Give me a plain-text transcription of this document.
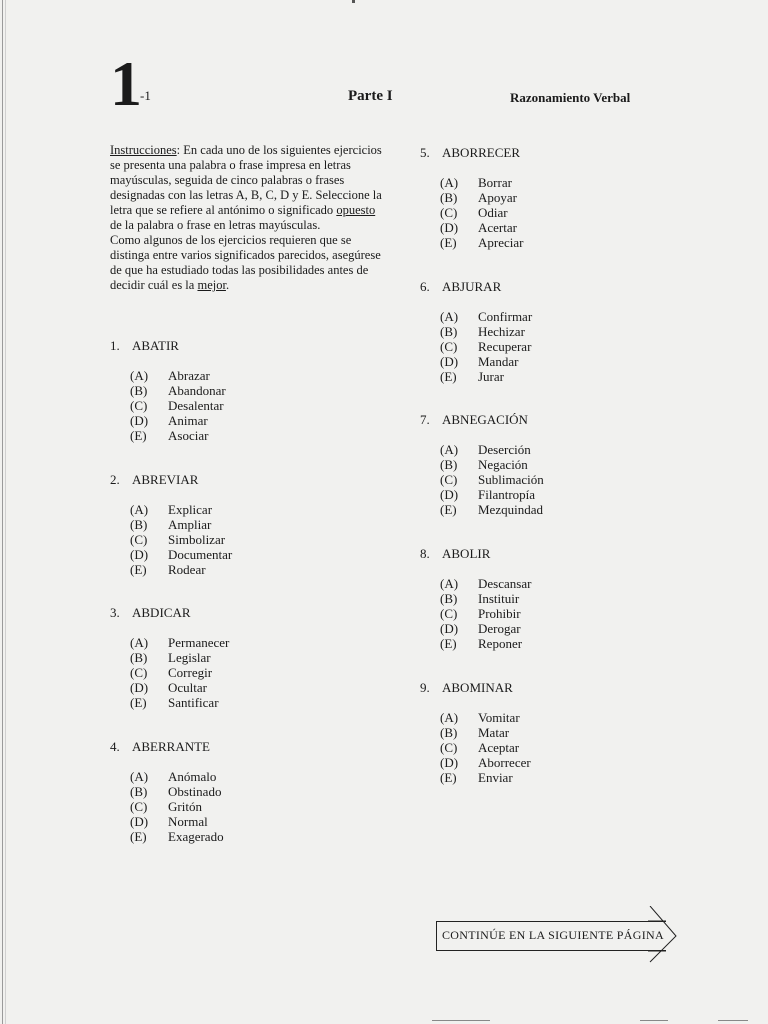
1
-1	Parte I	Razonamiento Verbal

Instrucciones: En cada uno de los siguientes ejercicios se presenta una palabra o frase impresa en letras mayúsculas, seguida de cinco palabras o frases designadas con las letras A, B, C, D y E. Seleccione la letra que se refiere al antónimo o significado opuesto de la palabra o frase en letras mayúsculas.

Como algunos de los ejercicios requieren que se distinga entre varios significados parecidos, asegúrese de que ha estudiado todas las posibilidades antes de decidir cuál es la mejor.

1. ABATIR
(A) Abrazar
(B) Abandonar
(C) Desalentar
(D) Animar
(E) Asociar
2. ABREVIAR
(A) Explicar
(B) Ampliar
(C) Simbolizar
(D) Documentar
(E) Rodear
3. ABDICAR
(A) Permanecer
(B) Legislar
(C) Corregir
(D) Ocultar
(E) Santificar
4. ABERRANTE
(A) Anómalo
(B) Obstinado
(C) Gritón
(D) Normal
(E) Exagerado
5. ABORRECER
(A) Borrar
(B) Apoyar
(C) Odiar
(D) Acertar
(E) Apreciar
6. ABJURAR
(A) Confirmar
(B) Hechizar
(C) Recuperar
(D) Mandar
(E) Jurar
7. ABNEGACIÓN
(A) Deserción
(B) Negación
(C) Sublimación
(D) Filantropía
(E) Mezquindad
8. ABOLIR
(A) Descansar
(B) Instituir
(C) Prohibir
(D) Derogar
(E) Reponer
9. ABOMINAR
(A) Vomitar
(B) Matar
(C) Aceptar
(D) Aborrecer
(E) Enviar
CONTINÚE EN LA SIGUIENTE PÁGINA
